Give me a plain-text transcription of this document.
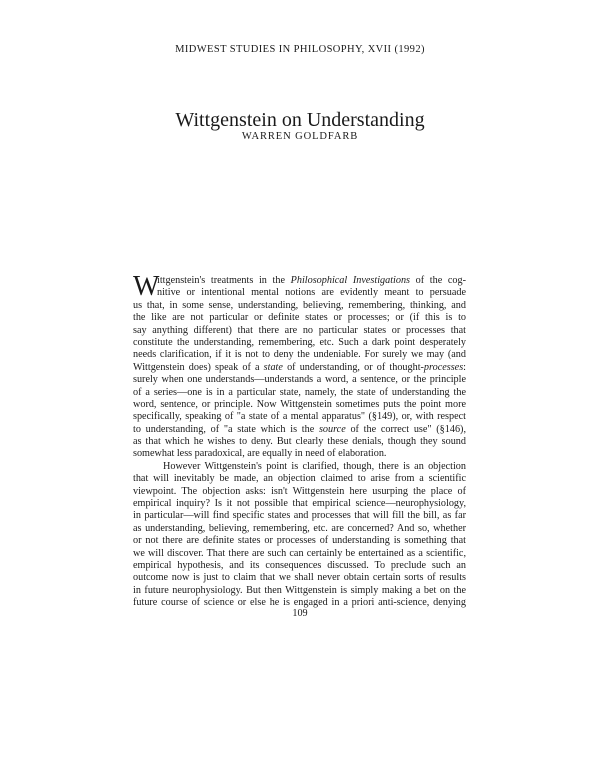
MIDWEST STUDIES IN PHILOSOPHY, XVII (1992)
Wittgenstein on Understanding
WARREN GOLDFARB
W
ittgenstein's treatments in the Philosophical Investigations of the cog-
nitive or intentional mental notions are evidently meant to persuade
us that, in some sense, understanding, believing, remembering, thinking, and
the like are not particular or definite states or processes; or (if this is to
say anything different) that there are no particular states or processes that
constitute the understanding, remembering, etc. Such a dark point desperately
needs clarification, if it is not to deny the undeniable. For surely we may (and
Wittgenstein does) speak of a state of understanding, or of thought-processes:
surely when one understands—understands a word, a sentence, or the principle
of a series—one is in a particular state, namely, the state of understanding the
word, sentence, or principle. Now Wittgenstein sometimes puts the point more
specifically, speaking of "a state of a mental apparatus" (§149), or, with respect
to understanding, of "a state which is the source of the correct use" (§146),
as that which he wishes to deny. But clearly these denials, though they sound
somewhat less paradoxical, are equally in need of elaboration.
However Wittgenstein's point is clarified, though, there is an objection
that will inevitably be made, an objection claimed to arise from a scientific
viewpoint. The objection asks: isn't Wittgenstein here usurping the place of
empirical inquiry? Is it not possible that empirical science—neurophysiology,
in particular—will find specific states and processes that will fill the bill, as far
as understanding, believing, remembering, etc. are concerned? And so, whether
or not there are definite states or processes of understanding is something that
we will discover. That there are such can certainly be entertained as a scientific,
empirical hypothesis, and its consequences discussed. To preclude such an
outcome now is just to claim that we shall never obtain certain sorts of results
in future neurophysiology. But then Wittgenstein is simply making a bet on the
future course of science or else he is engaged in a priori anti-science, denying
109
